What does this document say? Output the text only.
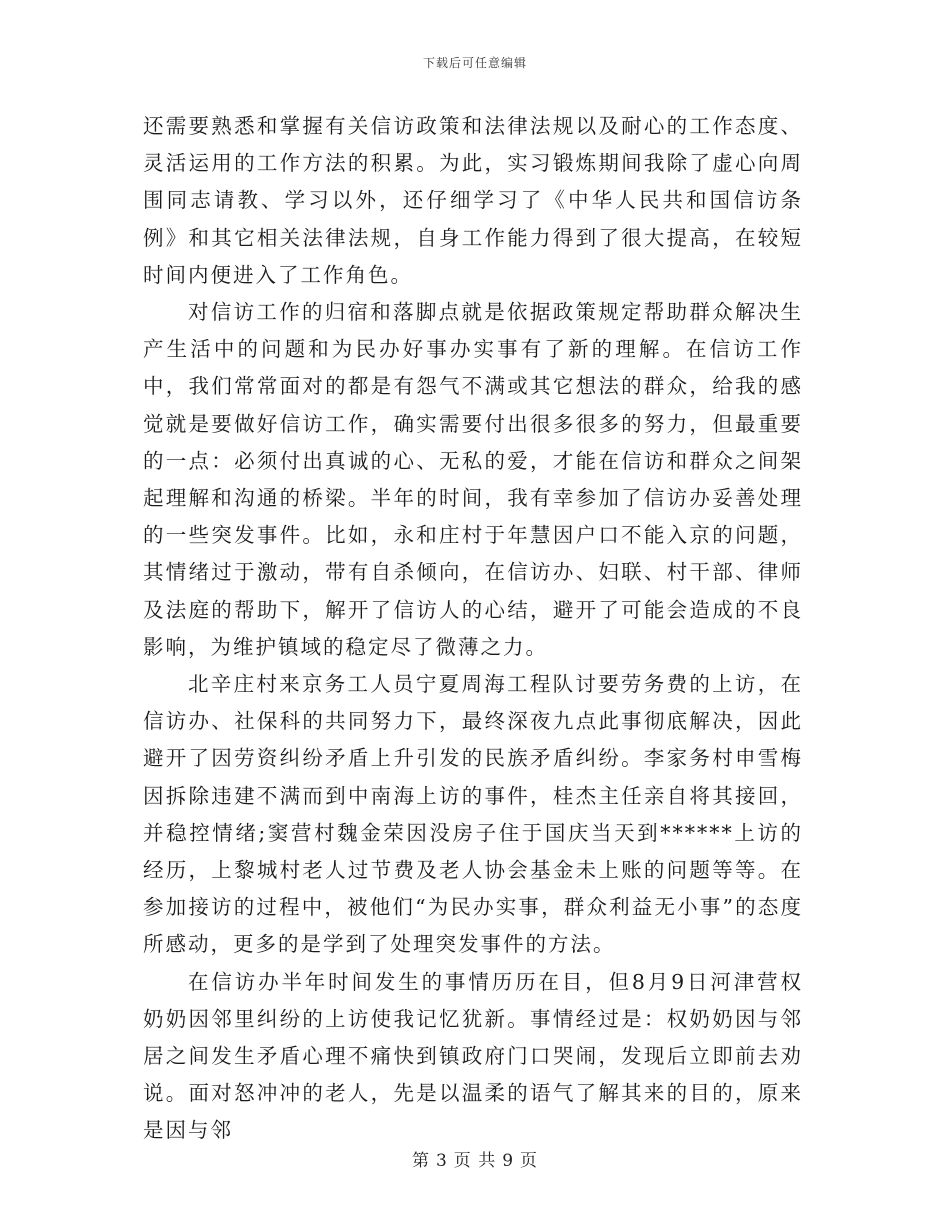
下载后可任意编辑

还需要熟悉和掌握有关信访政策和法律法规以及耐心的工作态度、灵活运用的工作方法的积累。为此，实习锻炼期间我除了虚心向周围同志请教、学习以外，还仔细学习了《中华人民共和国信访条例》和其它相关法律法规，自身工作能力得到了很大提高，在较短时间内便进入了工作角色。

对信访工作的归宿和落脚点就是依据政策规定帮助群众解决生产生活中的问题和为民办好事办实事有了新的理解。在信访工作中，我们常常面对的都是有怨气不满或其它想法的群众，给我的感觉就是要做好信访工作，确实需要付出很多很多的努力，但最重要的一点：必须付出真诚的心、无私的爱，才能在信访和群众之间架起理解和沟通的桥梁。半年的时间，我有幸参加了信访办妥善处理的一些突发事件。比如，永和庄村于年慧因户口不能入京的问题，其情绪过于激动，带有自杀倾向，在信访办、妇联、村干部、律师及法庭的帮助下，解开了信访人的心结，避开了可能会造成的不良影响，为维护镇域的稳定尽了微薄之力。

北辛庄村来京务工人员宁夏周海工程队讨要劳务费的上访，在信访办、社保科的共同努力下，最终深夜九点此事彻底解决，因此避开了因劳资纠纷矛盾上升引发的民族矛盾纠纷。李家务村申雪梅因拆除违建不满而到中南海上访的事件，桂杰主任亲自将其接回，并稳控情绪;窦营村魏金荣因没房子住于国庆当天到******上访的经历，上黎城村老人过节费及老人协会基金未上账的问题等等。在参加接访的过程中，被他们“为民办实事，群众利益无小事”的态度所感动，更多的是学到了处理突发事件的方法。

在信访办半年时间发生的事情历历在目，但8月9日河津营权奶奶因邻里纠纷的上访使我记忆犹新。事情经过是：权奶奶因与邻居之间发生矛盾心理不痛快到镇政府门口哭闹，发现后立即前去劝说。面对怒冲冲的老人，先是以温柔的语气了解其来的目的，原来是因与邻

第 3 页 共 9 页
